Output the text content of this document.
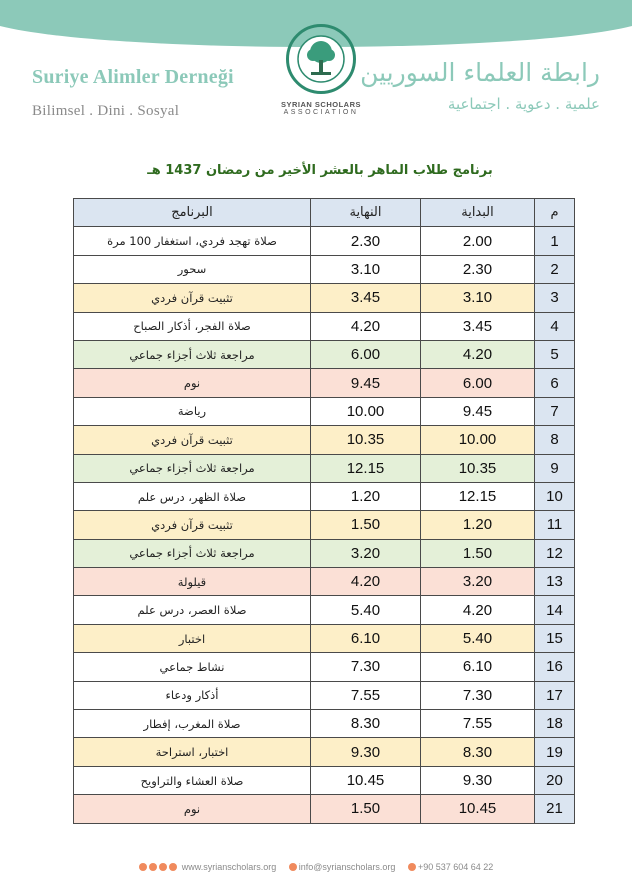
Suriye Alimler Derneği
Bilimsel . Dini . Sosyal	SYRIAN SCHOLARS
ASSOCIATION
رابطة العلماء السوريين
علمية . دعوية . اجتماعية
برنامج طلاب الماهر بالعشر الأخير من رمضان 1437 هـ
البرنامج	النهاية	البداية	م
صلاة تهجد فردي، استغفار 100 مرة	2.30	2.00	1
سحور	3.10	2.30	2
تثبيت قرآن فردي	3.45	3.10	3
صلاة الفجر، أذكار الصباح	4.20	3.45	4
مراجعة ثلاث أجزاء جماعي	6.00	4.20	5
نوم	9.45	6.00	6
رياضة	10.00	9.45	7
تثبيت قرآن فردي	10.35	10.00	8
مراجعة ثلاث أجزاء جماعي	12.15	10.35	9
صلاة الظهر، درس علم	1.20	12.15	10
تثبيت قرآن فردي	1.50	1.20	11
مراجعة ثلاث أجزاء جماعي	3.20	1.50	12
قيلولة	4.20	3.20	13
صلاة العصر، درس علم	5.40	4.20	14
اختبار	6.10	5.40	15
نشاط جماعي	7.30	6.10	16
أذكار ودعاء	7.55	7.30	17
صلاة المغرب، إفطار	8.30	7.55	18
اختبار، استراحة	9.30	8.30	19
صلاة العشاء والتراويح	10.45	9.30	20
نوم	1.50	10.45	21
www.syrianscholars.org
	info@syrianscholars.org
	+90 537 604 64 22
